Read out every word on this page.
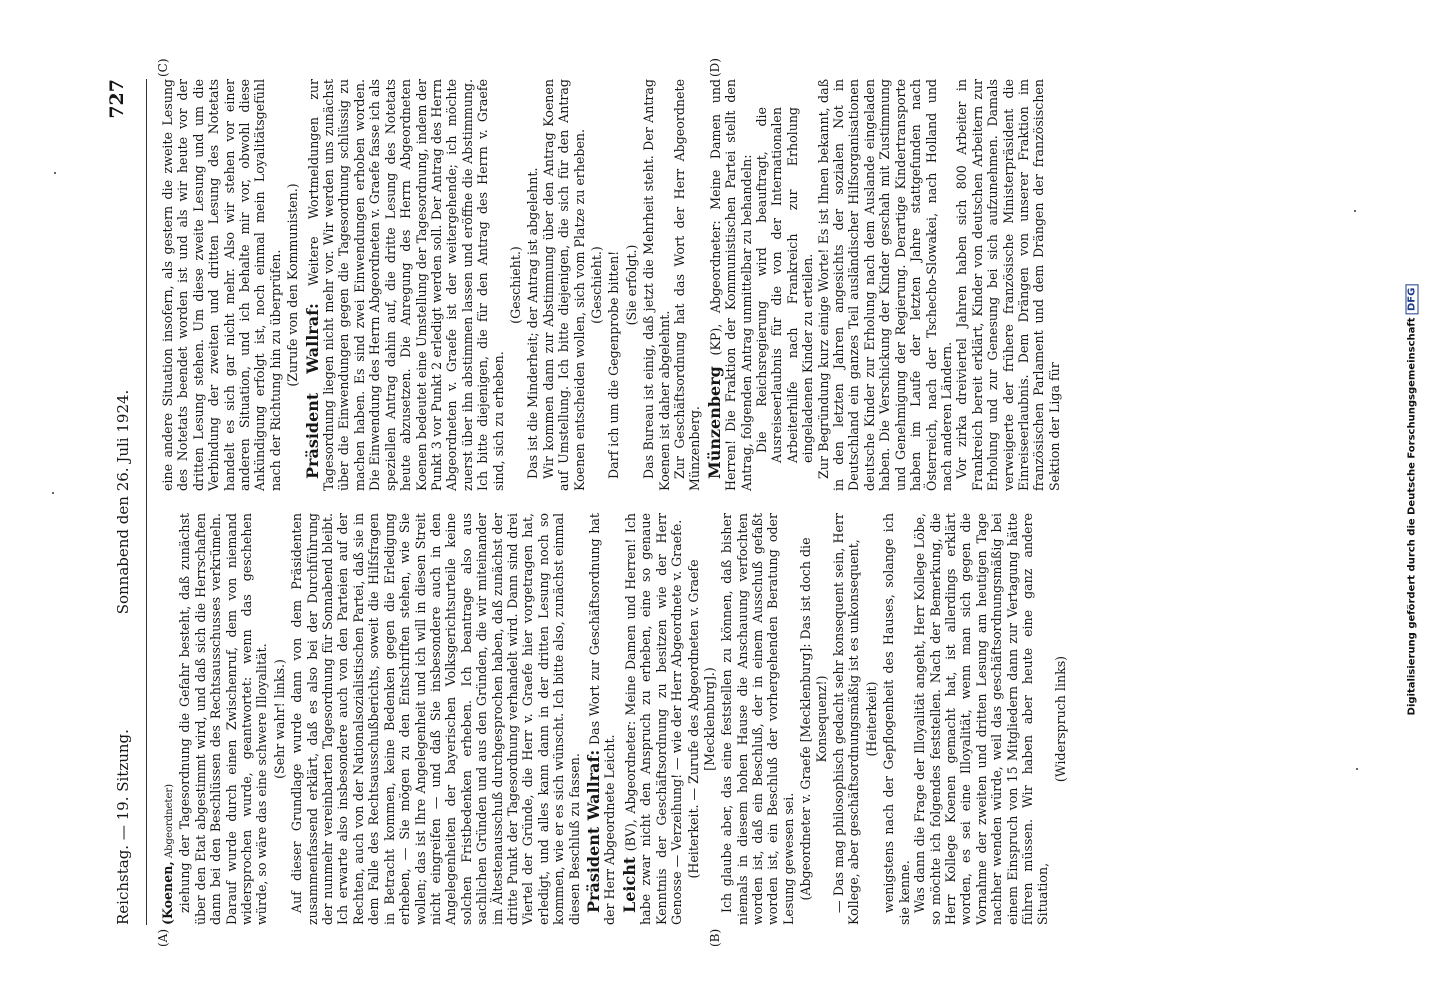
Reichstag. — 19. Sitzung.
Sonnabend den 26. Juli 1924.
727
(A)	(B)
(C)	(D)

(Koenen, Abgeordneter) ziehung der Tagesordnung die Gefahr besteht, daß zunächst über den Etat abgestimmt wird, und daß sich die Herrschaften dann bei den Beschlüssen des Rechtsausschusses verkrümeln. Darauf wurde durch einen Zwischenruf, dem von niemand widersprochen wurde, geantwortet: wenn das geschehen würde, so wäre das eine schwere Illoyalität. (Sehr wahr! links.) Auf dieser Grundlage wurde dann von dem Präsidenten zusammenfassend erklärt, daß es also bei der Durchführung der nunmehr vereinbarten Tagesordnung für Sonnabend bleibt. Ich erwarte also insbesondere auch von den Parteien auf der Rechten, auch von der Nationalsozialistischen Partei, daß sie in dem Falle des Rechtsausschußberichts, soweit die Hilfsfragen in Betracht kommen, keine Bedenken gegen die Erledigung erheben, — Sie mögen zu den Entschriften stehen, wie Sie wollen; das ist Ihre Angelegenheit und ich will in diesen Streit nicht eingreifen — und daß Sie insbesondere auch in den Angelegenheiten der bayerischen Volksgerichtsurteile keine solchen Fristbedenken erheben. Ich beantrage also aus sachlichen Gründen und aus den Gründen, die wir miteinander im Ältestenausschuß durchgesprochen haben, daß zunächst der dritte Punkt der Tagesordnung verhandelt wird. Dann sind drei Viertel der Gründe, die Herr v. Graefe hier vorgetragen hat, erledigt, und alles kann dann in der dritten Lesung noch so kommen, wie er es sich wünscht. Ich bitte also, zunächst einmal diesen Beschluß zu fassen. Präsident Wallraf: Das Wort zur Geschäftsordnung hat der Herr Abgeordnete Leicht. Leicht (BV), Abgeordneter: Meine Damen und Herren! Ich habe zwar nicht den Anspruch zu erheben, eine so genaue Kenntnis der Geschäftsordnung zu besitzen wie der Herr Genosse — Verzeihung! — wie der Herr Abgeordnete v. Graefe. (Heiterkeit. — Zurufe des Abgeordneten v. Graefe [Mecklenburg].) Ich glaube aber, das eine feststellen zu können, daß bisher niemals in diesem hohen Hause die Anschauung verfochten worden ist, daß ein Beschluß, der in einem Ausschuß gefaßt worden ist, ein Beschluß der vorhergehenden Beratung oder Lesung gewesen sei. (Abgeordneter v. Graefe [Mecklenburg]: Das ist doch die Konsequenz!) — Das mag philosophisch gedacht sehr konsequent sein, Herr Kollege, aber geschäftsordnungsmäßig ist es unkonsequent, (Heiterkeit) wenigstens nach der Gepflogenheit des Hauses, solange ich sie kenne. Was dann die Frage der Illoyalität angeht, Herr Kollege Löbe, so möchte ich folgendes feststellen. Nach der Bemerkung, die Herr Kollege Koenen gemacht hat, ist allerdings erklärt worden, es sei eine Illoyalität, wenn man sich gegen die Vornahme der zweiten und dritten Lesung am heutigen Tage nachher wenden würde, weil das geschäftsordnungsmäßig bei einem Einspruch von 15 Mitgliedern dann zur Vertagung hätte führen müssen. Wir haben aber heute eine ganz andere Situation,

(Widerspruch links)

eine andere Situation insofern, als gestern die zweite Lesung des Notetats beendet worden ist und als wir heute vor der dritten Lesung stehen. Um diese zweite Lesung und um die Verbindung der zweiten und dritten Lesung des Notetats handelt es sich gar nicht mehr. Also wir stehen vor einer anderen Situation, und ich behalte mir vor, obwohl diese Ankündigung erfolgt ist, noch einmal mein Loyalitätsgefühl nach der Richtung hin zu überprüfen. (Zurufe von den Kommunisten.)

Präsident Wallraf: Weitere Wortmeldungen zur Tagesordnung liegen nicht mehr vor. Wir werden uns zunächst über die Einwendungen gegen die Tagesordnung schlüssig zu machen haben. Es sind zwei Einwendungen erhoben worden. Die Einwendung des Herrn Abgeordneten v. Graefe fasse ich als speziellen Antrag dahin auf, die dritte Lesung des Notetats heute abzusetzen. Die Anregung des Herrn Abgeordneten Koenen bedeutet eine Umstellung der Tagesordnung, indem der Punkt 3 vor Punkt 2 erledigt werden soll. Der Antrag des Herrn Abgeordneten v. Graefe ist der weitergehende; ich möchte zuerst über ihn abstimmen lassen und eröffne die Abstimmung. Ich bitte diejenigen, die für den Antrag des Herrn v. Graefe sind, sich zu erheben.

(Geschieht.) Das ist die Minderheit; der Antrag ist abgelehnt. Wir kommen dann zur Abstimmung über den Antrag Koenen auf Umstellung. Ich bitte diejenigen, die sich für den Antrag Koenen entscheiden wollen, sich vom Platze zu erheben. (Geschieht.) Darf ich um die Gegenprobe bitten! (Sie erfolgt.) Das Bureau ist einig, daß jetzt die Mehrheit steht. Der Antrag Koenen ist daher abgelehnt. Zur Geschäftsordnung hat das Wort der Herr Abgeordnete Münzenberg. Münzenberg (KP), Abgeordneter: Meine Damen und Herren! Die Fraktion der Kommunistischen Partei stellt den Antrag, folgenden Antrag unmittelbar zu behandeln: Die Reichsregierung wird beauftragt, die Ausreiseerlaubnis für die von der Internationalen Arbeiterhilfe nach Frankreich zur Erholung eingeladenen Kinder zu erteilen. Zur Begründung kurz einige Worte! Es ist Ihnen bekannt, daß in den letzten Jahren angesichts der sozialen Not in Deutschland ein ganzes Teil ausländischer Hilfsorganisationen deutsche Kinder zur Erholung nach dem Auslande eingeladen haben. Die Verschickung der Kinder geschah mit Zustimmung und Genehmigung der Regierung. Derartige Kindertransporte haben im Laufe der letzten Jahre stattgefunden nach Österreich, nach der Tschecho-Slowakei, nach Holland und nach anderen Ländern. Vor zirka dreiviertel Jahren haben sich 800 Arbeiter in Frankreich bereit erklärt, Kinder von deutschen Arbeitern zur Erholung und zur Genesung bei sich aufzunehmen. Damals verweigerte der frühere französische Ministerpräsident die Einreiseerlaubnis. Dem Drängen von unserer Fraktion im französischen Parlament und dem Drängen der französischen Sektion der Liga für	Digitalisierung gefördert durch die Deutsche Forschungsgemeinschaft DFG
